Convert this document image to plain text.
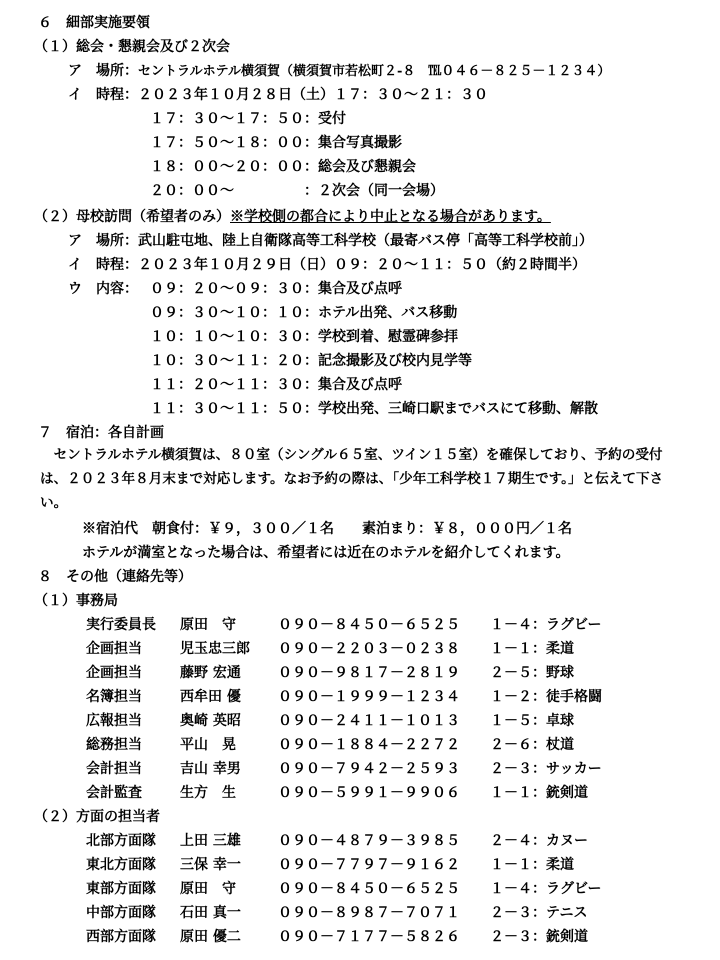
６　細部実施要領
（１）総会・懇親会及び２次会
ア　場所：セントラルホテル横須賀（横須賀市若松町２-８　℡０４６－８２５－１２３４）
イ　時程：２０２３年１０月２８日（土）１７：３０～２１：３０
１７：３０～１７：５０：受付
１７：５０～１８：００：集合写真撮影
１８：００～２０：００：総会及び懇親会
２０：００～　　　　　：２次会（同一会場）
（２）母校訪問（希望者のみ）※学校側の都合により中止となる場合があります。
ア　場所：武山駐屯地、陸上自衛隊高等工科学校（最寄バス停「高等工科学校前」）
イ　時程：２０２３年１０月２９日（日）０９：２０～１１：５０（約２時間半）
ウ　内容： ０９：２０～０９：３０：集合及び点呼
０９：３０～１０：１０：ホテル出発、バス移動
１０：１０～１０：３０：学校到着、慰霊碑参拝
１０：３０～１１：２０：記念撮影及び校内見学等
１１：２０～１１：３０：集合及び点呼
１１：３０～１１：５０：学校出発、三崎口駅までバスにて移動、解散
７　宿泊：各自計画
　セントラルホテル横須賀は、８０室（シングル６５室、ツイン１５室）を確保しており、予約の受付は、２０２３年８月末まで対応します。なお予約の際は、「少年工科学校１７期生です。」と伝えて下さい。
※宿泊代　朝食付：￥９，３００／１名　　素泊まり：￥８，０００円／１名
ホテルが満室となった場合は、希望者には近在のホテルを紹介してくれます。
８　その他（連絡先等）
（１）事務局
実行委員長 原田　守	０９０－８４５０－６５２５ １－４：ラグビー
企画担当	児玉忠三郎 ０９０－２２０３－０２３８ １－１：柔道
企画担当	藤野 宏通	０９０－９８１７－２８１９ ２－５：野球
名簿担当	西牟田 優	０９０－１９９９－１２３４ １－２：徒手格闘
広報担当	奥崎 英昭	０９０－２４１１－１０１３ １－５：卓球
総務担当	平山　晃	０９０－１８８４－２２７２ ２－６：杖道
会計担当	吉山 幸男	０９０－７９４２－２５９３ ２－３：サッカー
会計監査	生方　生	０９０－５９９１－９９０６ １－１：銃剣道
（２）方面の担当者
北部方面隊 上田 三雄	０９０－４８７９－３９８５ ２－４：カヌー
東北方面隊 三保 幸一	０９０－７７９７－９１６２ １－１：柔道
東部方面隊 原田　守	０９０－８４５０－６５２５ １－４：ラグビー
中部方面隊 石田 真一	０９０－８９８７－７０７１ ２－３：テニス
西部方面隊 原田 優二	０９０－７１７７－５８２６ ２－３：銃剣道
